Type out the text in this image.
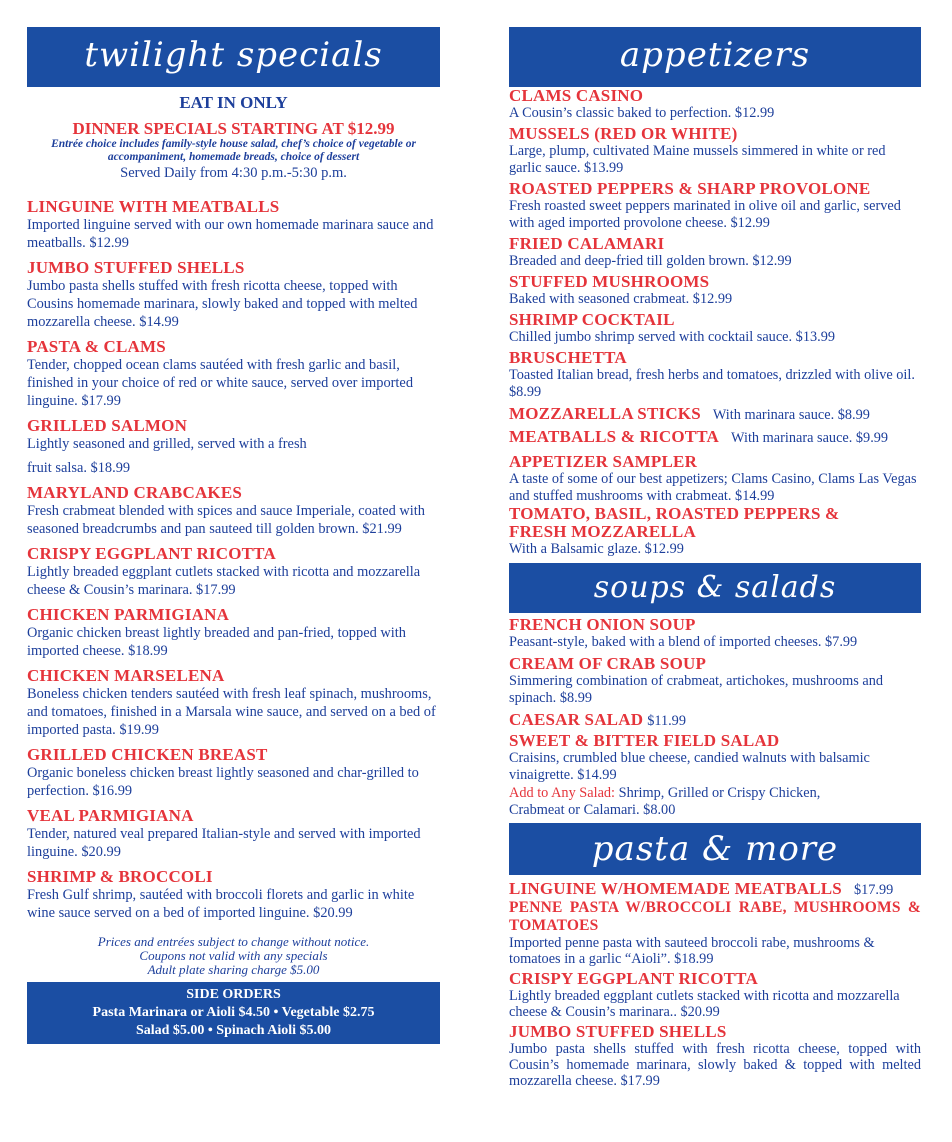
twilight specials
EAT IN ONLY
DINNER SPECIALS STARTING AT $12.99
Entrée choice includes family-style house salad, chef’s choice of vegetable or accompaniment, homemade breads, choice of dessert
Served Daily from 4:30 p.m.-5:30 p.m.
LINGUINE WITH MEATBALLS
Imported linguine served with our own homemade marinara sauce and meatballs. $12.99
JUMBO STUFFED SHELLS
Jumbo pasta shells stuffed with fresh ricotta cheese, topped with Cousins homemade marinara, slowly baked and topped with melted mozzarella cheese. $14.99
PASTA & CLAMS
Tender, chopped ocean clams sautéed with fresh garlic and basil, finished in your choice of red or white sauce, served over imported linguine. $17.99
GRILLED SALMON
Lightly seasoned and grilled, served with a fresh
fruit salsa. $18.99
MARYLAND CRABCAKES
Fresh crabmeat blended with spices and sauce Imperiale, coated with seasoned breadcrumbs and pan sauteed till golden brown. $21.99
CRISPY EGGPLANT RICOTTA
Lightly breaded eggplant cutlets stacked with ricotta and mozzarella cheese & Cousin’s marinara. $17.99
CHICKEN PARMIGIANA
Organic chicken breast lightly breaded and pan-fried, topped with imported cheese. $18.99
CHICKEN MARSELENA
Boneless chicken tenders sautéed with fresh leaf spinach, mushrooms, and tomatoes, finished in a Marsala wine sauce, and served on a bed of imported pasta. $19.99
GRILLED CHICKEN BREAST
Organic boneless chicken breast lightly seasoned and char-grilled to perfection. $16.99
VEAL PARMIGIANA
Tender, natured veal prepared Italian-style and served with imported linguine. $20.99
SHRIMP & BROCCOLI
Fresh Gulf shrimp, sautéed with broccoli florets and garlic in white wine sauce served on a bed of imported linguine. $20.99
Prices and entrées subject to change without notice.
Coupons not valid with any specials
Adult plate sharing charge $5.00
SIDE ORDERS
Pasta Marinara or Aioli $4.50 • Vegetable $2.75
Salad $5.00 • Spinach Aioli $5.00
appetizers
CLAMS CASINO
A Cousin’s classic baked to perfection. $12.99
MUSSELS (RED OR WHITE)
Large, plump, cultivated Maine mussels simmered in white or red garlic sauce. $13.99
ROASTED PEPPERS & SHARP PROVOLONE
Fresh roasted sweet peppers marinated in olive oil and garlic, served with aged imported provolone cheese. $12.99
FRIED CALAMARI
Breaded and deep-fried till golden brown. $12.99
STUFFED MUSHROOMS
Baked with seasoned crabmeat. $12.99
SHRIMP COCKTAIL
Chilled jumbo shrimp served with cocktail sauce. $13.99
BRUSCHETTA
Toasted Italian bread, fresh herbs and tomatoes, drizzled with olive oil. $8.99
MOZZARELLA STICKS With marinara sauce. $8.99
MEATBALLS & RICOTTA With marinara sauce. $9.99
APPETIZER SAMPLER
A taste of some of our best appetizers; Clams Casino, Clams Las Vegas and stuffed mushrooms with crabmeat. $14.99
TOMATO, BASIL, ROASTED PEPPERS & FRESH MOZZARELLA
With a Balsamic glaze. $12.99
soups & salads
FRENCH ONION SOUP
Peasant-style, baked with a blend of imported cheeses. $7.99
CREAM OF CRAB SOUP
Simmering combination of crabmeat, artichokes, mushrooms and spinach. $8.99
CAESAR SALAD $11.99
SWEET & BITTER FIELD SALAD
Craisins, crumbled blue cheese, candied walnuts with balsamic vinaigrette. $14.99
Add to Any Salad: Shrimp, Grilled or Crispy Chicken,
Crabmeat or Calamari. $8.00
pasta & more
LINGUINE W/HOMEMADE MEATBALLS $17.99
PENNE PASTA W/BROCCOLI RABE, MUSHROOMS & TOMATOES
Imported penne pasta with sauteed broccoli rabe, mushrooms & tomatoes in a garlic “Aioli”. $18.99
CRISPY EGGPLANT RICOTTA
Lightly breaded eggplant cutlets stacked with ricotta and mozzarella cheese & Cousin’s marinara.. $20.99
JUMBO STUFFED SHELLS
Jumbo pasta shells stuffed with fresh ricotta cheese, topped with Cousin’s homemade marinara, slowly baked & topped with melted mozzarella cheese. $17.99
